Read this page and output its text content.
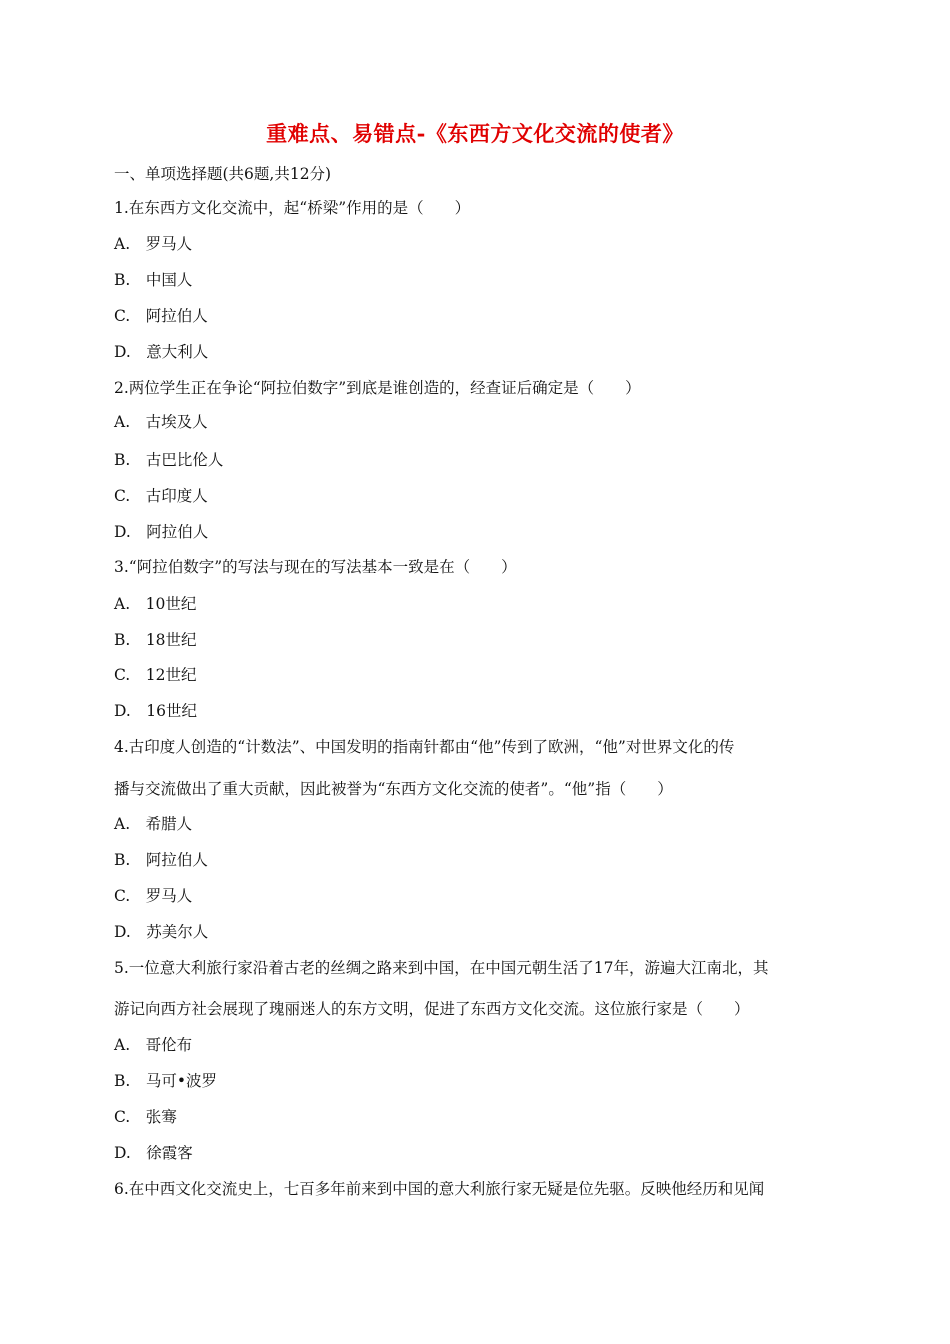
重难点、易错点-《东西方文化交流的使者》
一、单项选择题(共6题,共12分)
1.在东西方文化交流中，起“桥梁”作用的是（　　）
A.　罗马人
B.　中国人
C.　阿拉伯人
D.　意大利人
2.两位学生正在争论“阿拉伯数字”到底是谁创造的，经查证后确定是（　　）
A.　古埃及人
B.　古巴比伦人
C.　古印度人
D.　阿拉伯人
3.“阿拉伯数字”的写法与现在的写法基本一致是在（　　）
A.　10世纪
B.　18世纪
C.　12世纪
D.　16世纪
4.古印度人创造的“计数法”、中国发明的指南针都由“他”传到了欧洲，“他”对世界文化的传
播与交流做出了重大贡献，因此被誉为“东西方文化交流的使者”。“他”指（　　）
A.　希腊人
B.　阿拉伯人
C.　罗马人
D.　苏美尔人
5.一位意大利旅行家沿着古老的丝绸之路来到中国，在中国元朝生活了17年，游遍大江南北，其
游记向西方社会展现了瑰丽迷人的东方文明，促进了东西方文化交流。这位旅行家是（　　）
A.　哥伦布
B.　马可•波罗
C.　张骞
D.　徐霞客
6.在中西文化交流史上，七百多年前来到中国的意大利旅行家无疑是位先驱。反映他经历和见闻
